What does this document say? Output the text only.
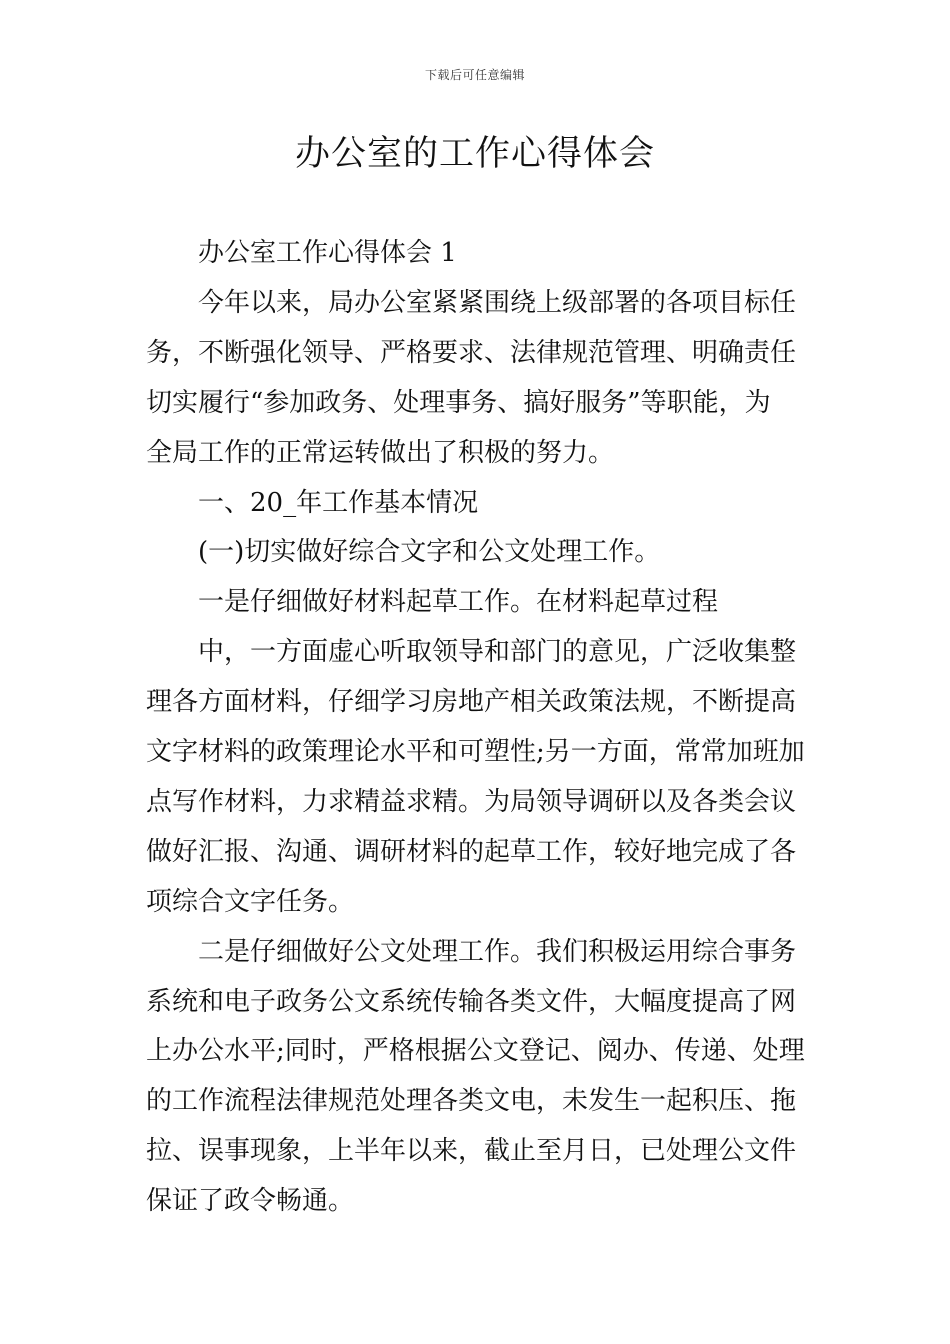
下载后可任意编辑
办公室的工作心得体会
办公室工作心得体会 1
今年以来，局办公室紧紧围绕上级部署的各项目标任
务，不断强化领导、严格要求、法律规范管理、明确责任
切实履行“参加政务、处理事务、搞好服务”等职能，为
全局工作的正常运转做出了积极的努力。
一、20_年工作基本情况
(一)切实做好综合文字和公文处理工作。
一是仔细做好材料起草工作。在材料起草过程
中，一方面虚心听取领导和部门的意见，广泛收集整
理各方面材料，仔细学习房地产相关政策法规，不断提高
文字材料的政策理论水平和可塑性;另一方面，常常加班加
点写作材料，力求精益求精。为局领导调研以及各类会议
做好汇报、沟通、调研材料的起草工作，较好地完成了各
项综合文字任务。
二是仔细做好公文处理工作。我们积极运用综合事务
系统和电子政务公文系统传输各类文件，大幅度提高了网
上办公水平;同时，严格根据公文登记、阅办、传递、处理
的工作流程法律规范处理各类文电，未发生一起积压、拖
拉、误事现象，上半年以来，截止至月日，已处理公文件
保证了政令畅通。
